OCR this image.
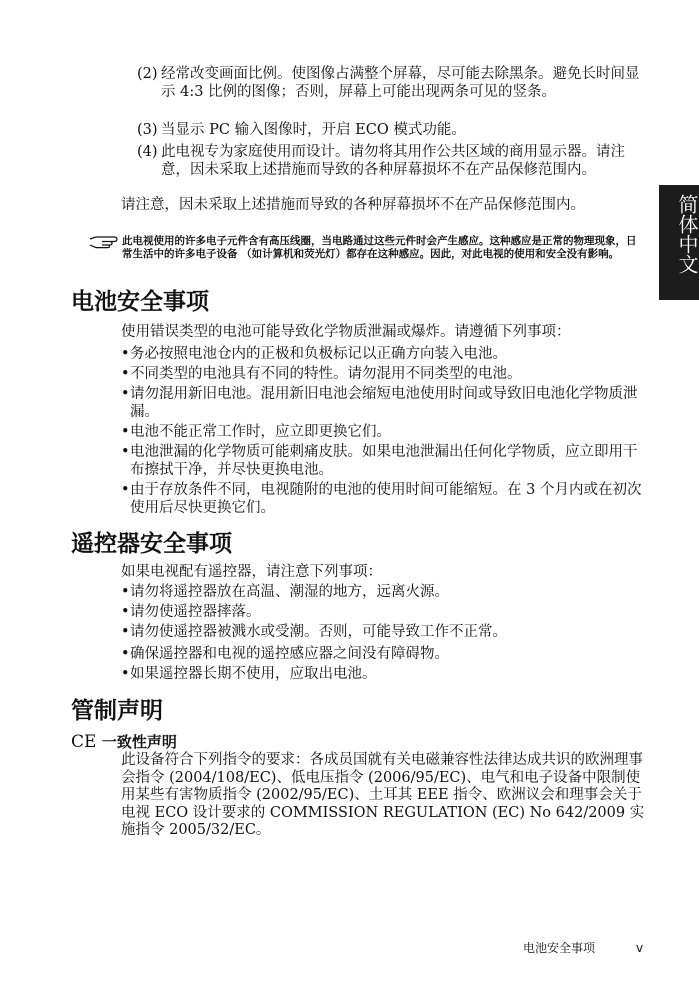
简体中文
(2) 经常改变画面比例。使图像占满整个屏幕，尽可能去除黑条。避免长时间显示 4:3 比例的图像；否则，屏幕上可能出现两条可见的竖条。
(3) 当显示 PC 输入图像时，开启 ECO 模式功能。
(4) 此电视专为家庭使用而设计。请勿将其用作公共区域的商用显示器。请注意，因未采取上述措施而导致的各种屏幕损坏不在产品保修范围内。
请注意，因未采取上述措施而导致的各种屏幕损坏不在产品保修范围内。
此电视使用的许多电子元件含有高压线圈，当电路通过这些元件时会产生感应。这种感应是正常的物理现象，日常生活中的许多电子设备 （如计算机和荧光灯）都存在这种感应。因此，对此电视的使用和安全没有影响。
电池安全事项
使用错误类型的电池可能导致化学物质泄漏或爆炸。请遵循下列事项：
• 务必按照电池仓内的正极和负极标记以正确方向装入电池。
• 不同类型的电池具有不同的特性。请勿混用不同类型的电池。
• 请勿混用新旧电池。混用新旧电池会缩短电池使用时间或导致旧电池化学物质泄漏。
• 电池不能正常工作时，应立即更换它们。
• 电池泄漏的化学物质可能刺痛皮肤。如果电池泄漏出任何化学物质，应立即用干布擦拭干净，并尽快更换电池。
• 由于存放条件不同，电视随附的电池的使用时间可能缩短。在 3 个月内或在初次使用后尽快更换它们。
遥控器安全事项
如果电视配有遥控器，请注意下列事项：
• 请勿将遥控器放在高温、潮湿的地方，远离火源。
• 请勿使遥控器摔落。
• 请勿使遥控器被溅水或受潮。否则，可能导致工作不正常。
• 确保遥控器和电视的遥控感应器之间没有障碍物。
• 如果遥控器长期不使用，应取出电池。
管制声明
CE 一致性声明
此设备符合下列指令的要求：各成员国就有关电磁兼容性法律达成共识的欧洲理事会指令 (2004/108/EC)、低电压指令 (2006/95/EC)、电气和电子设备中限制使用某些有害物质指令 (2002/95/EC)、土耳其 EEE 指令、欧洲议会和理事会关于电视 ECO 设计要求的 COMMISSION REGULATION (EC) No 642/2009 实施指令 2005/32/EC。
电池安全事项	v
